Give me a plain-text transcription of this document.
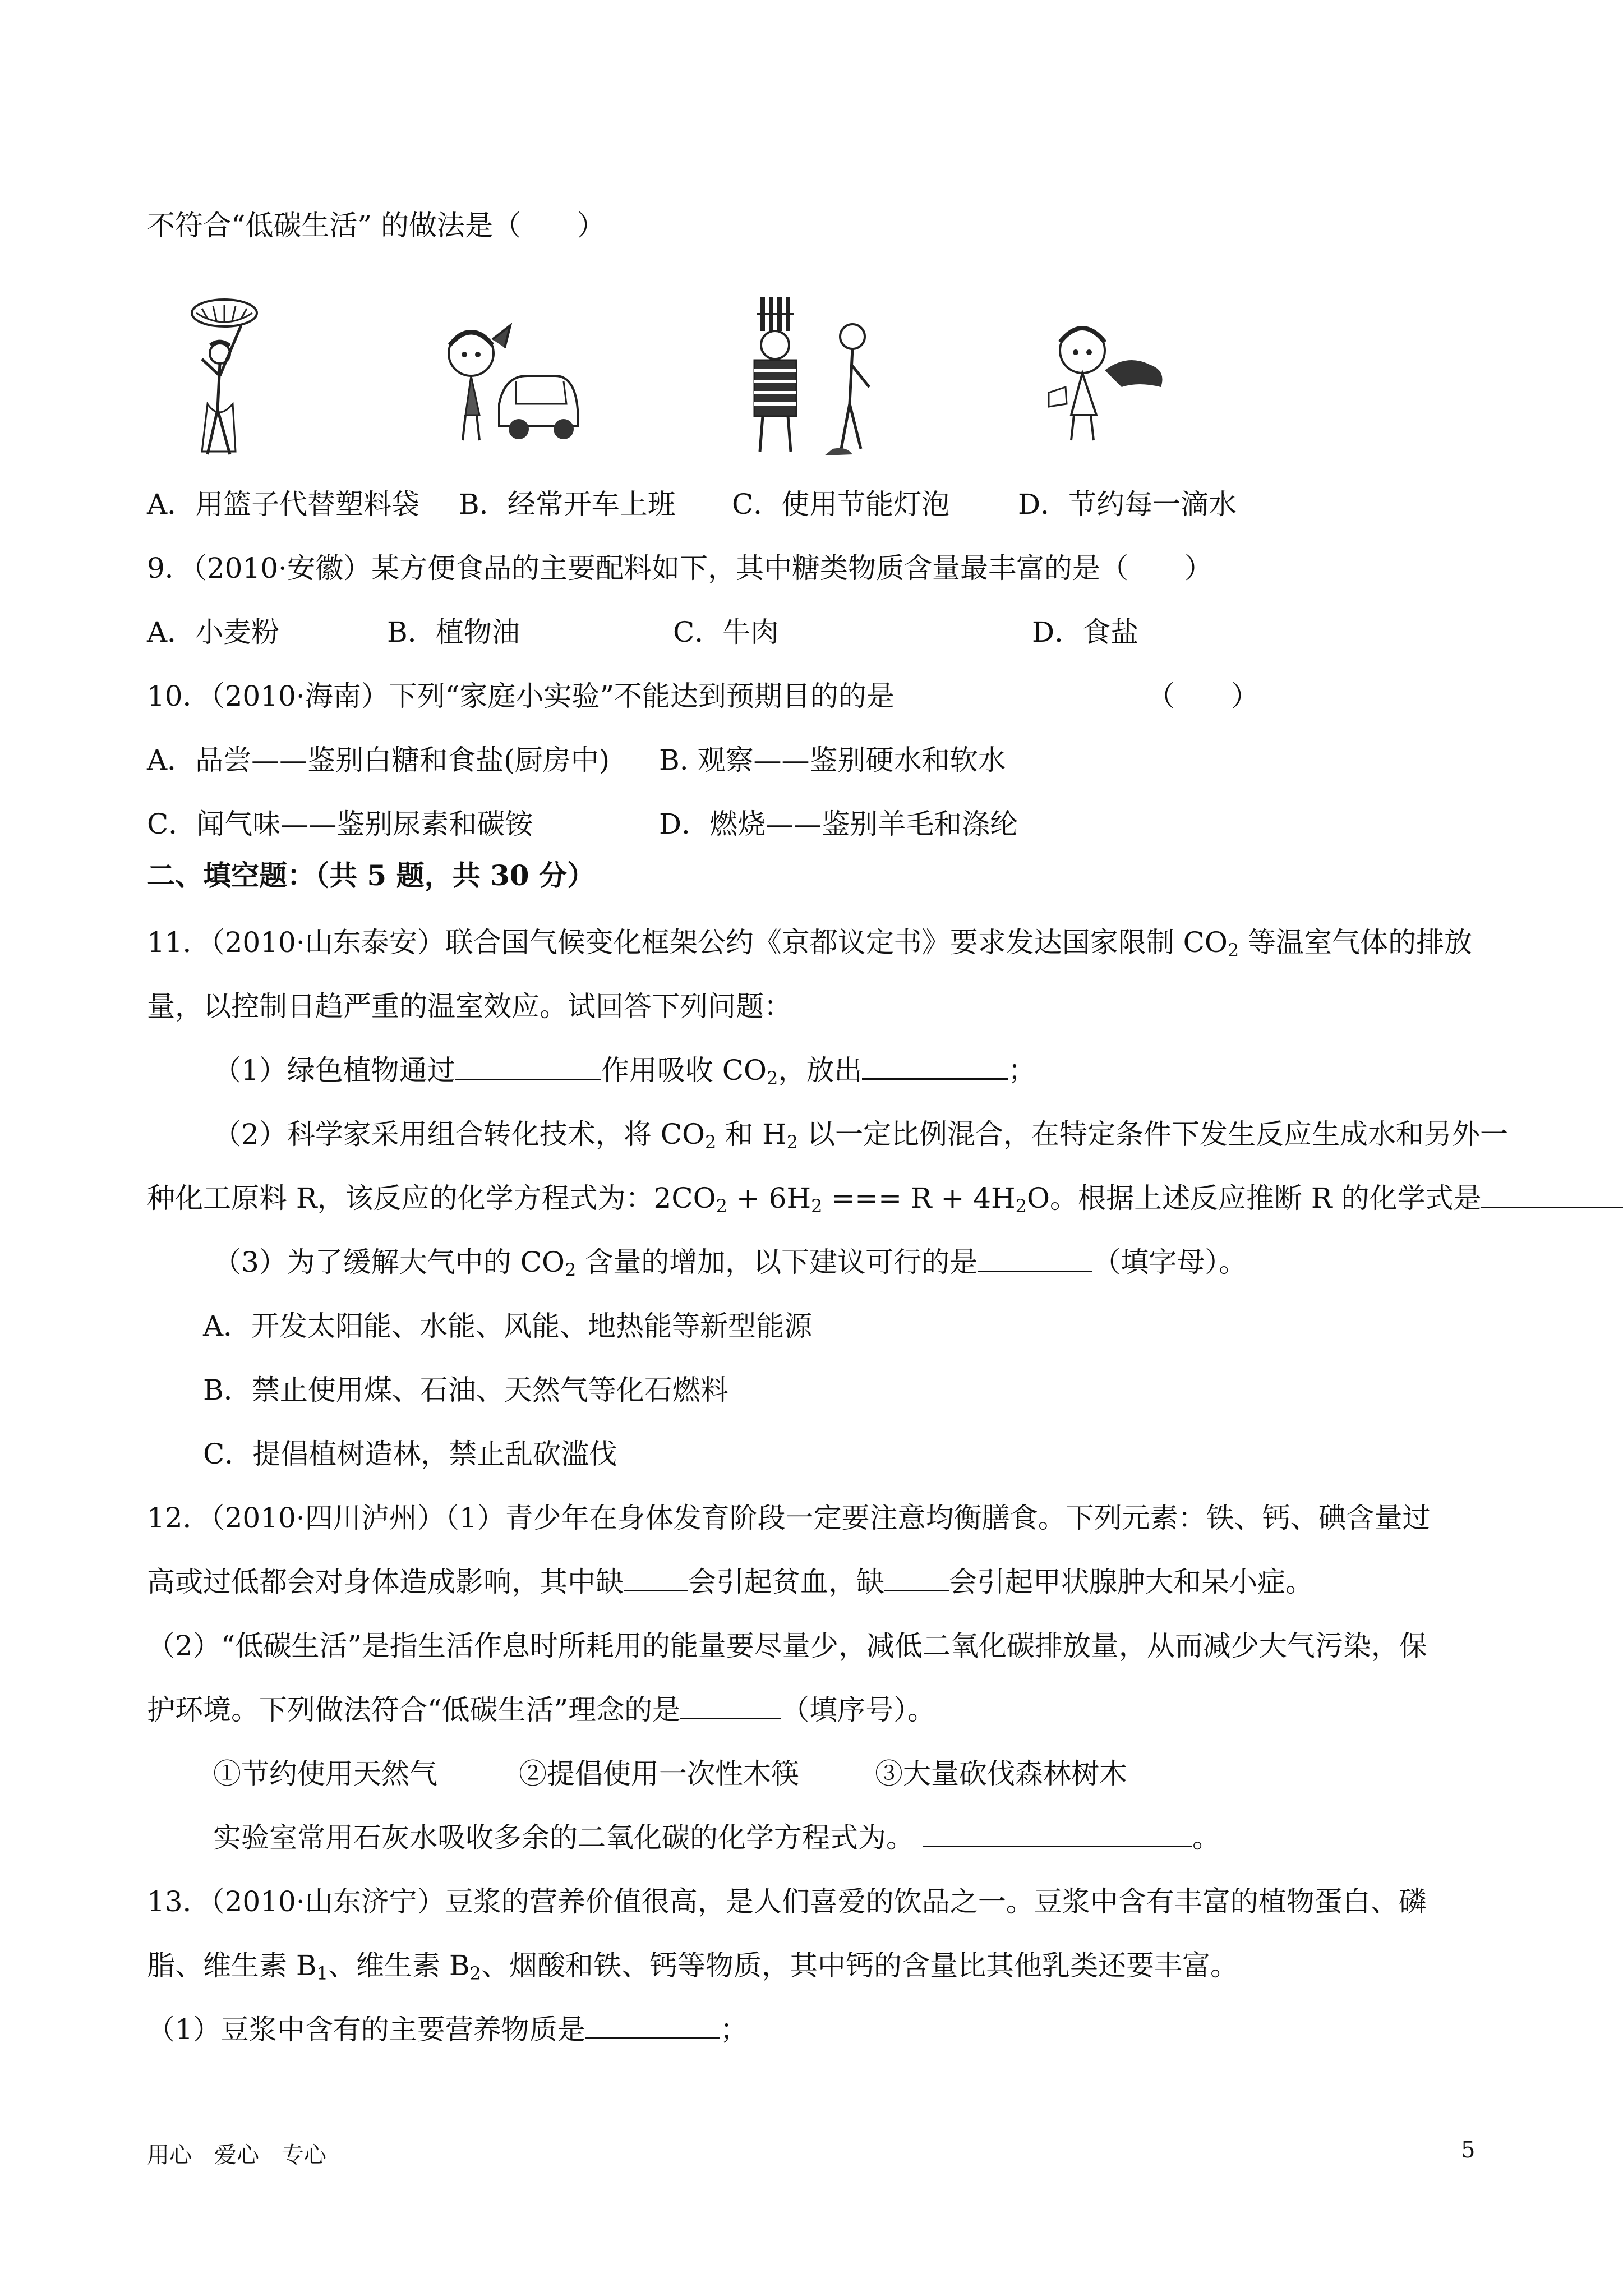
不符合“低碳生活” 的做法是（　　）
A．用篮子代替塑料袋 B．经常开车上班 C．使用节能灯泡 D．节约每一滴水
9．（2010·安徽）某方便食品的主要配料如下，其中糖类物质含量最丰富的是（　　）
A．小麦粉	B．植物油	C．牛肉	D．食盐
10．（2010·海南）下列“家庭小实验”不能达到预期目的的是	（　　）
A．品尝——鉴别白糖和食盐(厨房中) B. 观察——鉴别硬水和软水
C．闻气味——鉴别尿素和碳铵	D．燃烧——鉴别羊毛和涤纶
二、填空题：（共 5 题，共 30 分）
11．（2010·山东泰安）联合国气候变化框架公约《京都议定书》要求发达国家限制 $CO_2$ 等温室气体的排放
量，以控制日趋严重的温室效应。试回答下列问题：
（1）绿色植物通过	作用吸收 $CO_2$，放出	；
（2）科学家采用组合转化技术，将 $CO_2$ 和 $H_2$ 以一定比例混合，在特定条件下发生反应生成水和另外一
种化工原料 R，该反应的化学方程式为：$2CO_2 + 6H_2$ === $R + 4H_2O$。根据上述反应推断 R 的化学式是
（3）为了缓解大气中的 $CO_2$ 含量的增加，以下建议可行的是	（填字母）。
A．开发太阳能、水能、风能、地热能等新型能源
B．禁止使用煤、石油、天然气等化石燃料
C．提倡植树造林，禁止乱砍滥伐
12．（2010·四川泸州）（1）青少年在身体发育阶段一定要注意均衡膳食。下列元素：铁、钙、碘含量过
高或过低都会对身体造成影响，其中缺 会引起贫血，缺 会引起甲状腺肿大和呆小症。
（2）“低碳生活”是指生活作息时所耗用的能量要尽量少，减低二氧化碳排放量，从而减少大气污染，保
护环境。下列做法符合“低碳生活”理念的是	（填序号）。
①节约使用天然气	②提倡使用一次性木筷	③大量砍伐森林树木
实验室常用石灰水吸收多余的二氧化碳的化学方程式为。	。
13．（2010·山东济宁）豆浆的营养价值很高，是人们喜爱的饮品之一。豆浆中含有丰富的植物蛋白、磷
脂、维生素 $B_1$、维生素 $B_2$、烟酸和铁、钙等物质，其中钙的含量比其他乳类还要丰富。
（1）豆浆中含有的主要营养物质是	；
用心　爱心　专心	5
